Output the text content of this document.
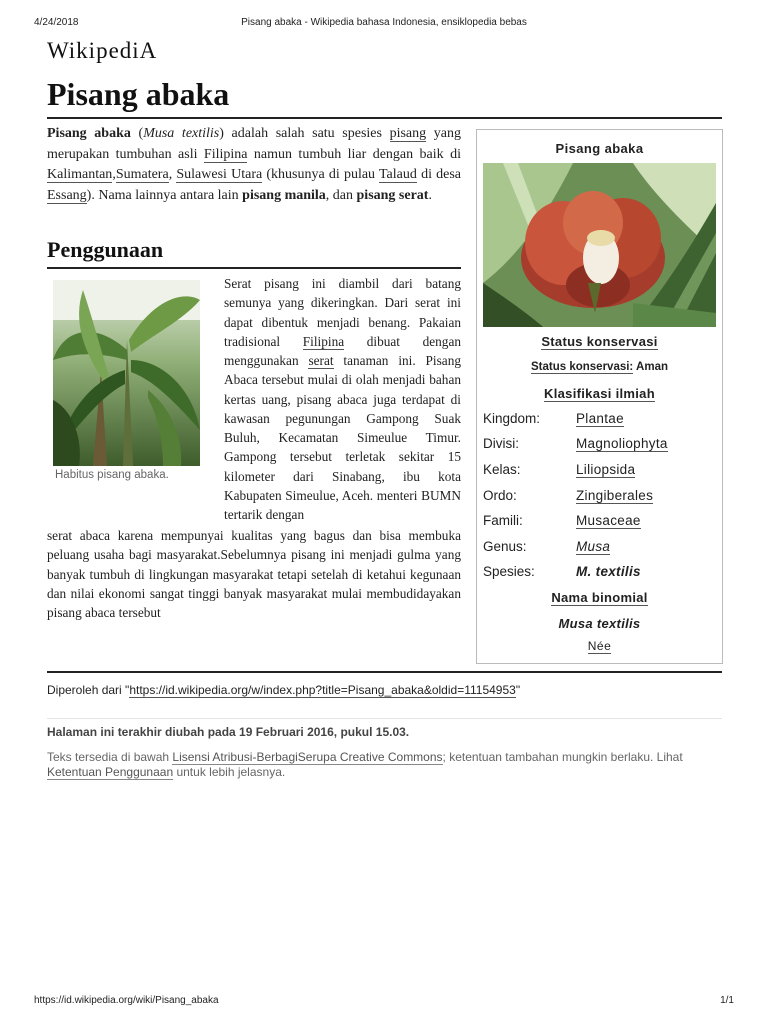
4/24/2018	Pisang abaka - Wikipedia bahasa Indonesia, ensiklopedia bebas
WikipediA
Pisang abaka

Pisang abaka (Musa textilis) adalah salah satu spesies pisang yang merupakan tumbuhan asli Filipina namun tumbuh liar dengan baik di Kalimantan,Sumatera, Sulawesi Utara (khusunya di pulau Talaud di desa Essang). Nama lainnya antara lain pisang manila, dan pisang serat.

Penggunaan
Habitus pisang abaka.

Serat pisang ini diambil dari batang semunya yang dikeringkan. Dari serat ini dapat dibentuk menjadi benang. Pakaian tradisional Filipina dibuat dengan menggunakan serat tanaman ini. Pisang Abaca tersebut mulai di olah menjadi bahan kertas uang, pisang abaca juga terdapat di kawasan pegunungan Gampong Suak Buluh, Kecamatan Simeulue Timur. Gampong tersebut terletak sekitar 15 kilometer dari Sinabang, ibu kota Kabupaten Simeulue, Aceh. menteri BUMN tertarik dengan

serat abaca karena mempunyai kualitas yang bagus dan bisa membuka peluang usaha bagi masyarakat.Sebelumnya pisang ini menjadi gulma yang banyak tumbuh di lingkungan masyarakat tetapi setelah di ketahui kegunaan dan nilai ekonomi sangat tinggi banyak masyarakat mulai membudidayakan pisang abaca tersebut

Pisang abaka
Status konservasi
Status konservasi: Aman
Klasifikasi ilmiah
Kingdom:	Plantae
Divisi:	Magnoliophyta
Kelas:	Liliopsida
Ordo:	Zingiberales
Famili:	Musaceae
Genus:	Musa
Spesies:	M. textilis
Nama binomial
Musa textilis
Née
Diperoleh dari "https://id.wikipedia.org/w/index.php?title=Pisang_abaka&oldid=11154953"
Halaman ini terakhir diubah pada 19 Februari 2016, pukul 15.03.
Teks tersedia di bawah Lisensi Atribusi-BerbagiSerupa Creative Commons; ketentuan tambahan mungkin berlaku. Lihat Ketentuan Penggunaan untuk lebih jelasnya.
https://id.wikipedia.org/wiki/Pisang_abaka	1/1
